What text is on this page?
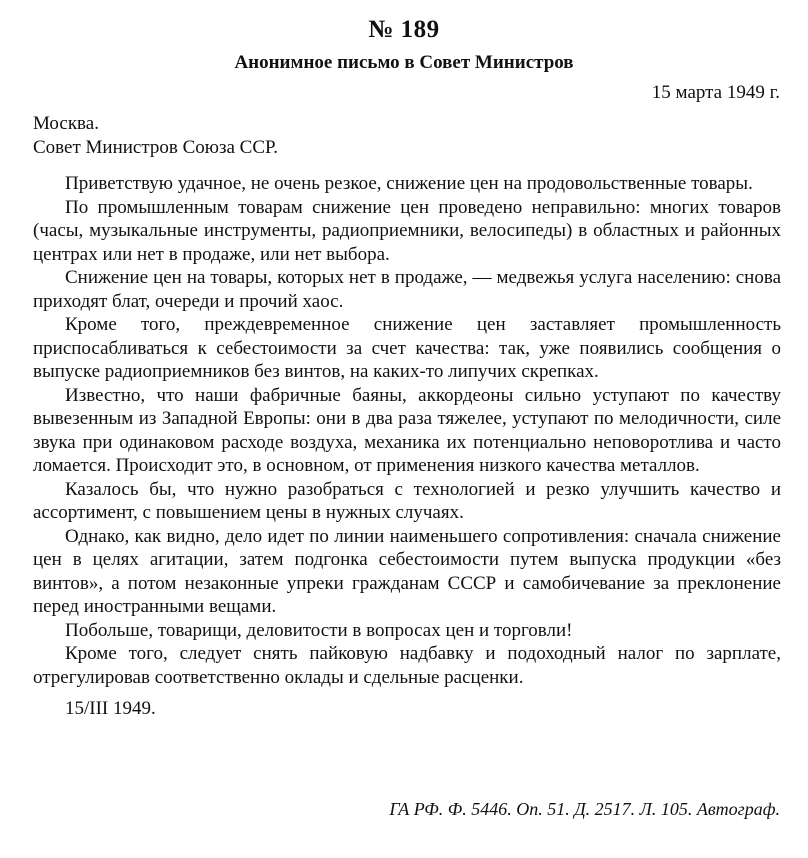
№ 189
Анонимное письмо в Совет Министров
15 марта 1949 г.
Москва.
Совет Министров Союза ССР.

Приветствую удачное, не очень резкое, снижение цен на продовольственные товары.

По промышленным товарам снижение цен проведено неправильно: многих товаров (часы, музыкальные инструменты, радиоприемники, велосипеды) в областных и районных центрах или нет в продаже, или нет выбора.

Снижение цен на товары, которых нет в продаже, — медвежья услуга населению: снова приходят блат, очереди и прочий хаос.

Кроме того, преждевременное снижение цен заставляет промышленность приспосабливаться к себестоимости за счет качества: так, уже появились сообщения о выпуске радиоприемников без винтов, на каких-то липучих скрепках.

Известно, что наши фабричные баяны, аккордеоны сильно уступают по качеству вывезенным из Западной Европы: они в два раза тяжелее, уступают по мелодичности, силе звука при одинаковом расходе воздуха, механика их потенциально неповоротлива и часто ломается. Происходит это, в основном, от применения низкого качества металлов.

Казалось бы, что нужно разобраться с технологией и резко улучшить качество и ассортимент, с повышением цены в нужных случаях.

Однако, как видно, дело идет по линии наименьшего сопротивления: сначала снижение цен в целях агитации, затем подгонка себестоимости путем выпуска продукции «без винтов», а потом незаконные упреки гражданам СССР и самобичевание за преклонение перед иностранными вещами.

Побольше, товарищи, деловитости в вопросах цен и торговли!

Кроме того, следует снять пайковую надбавку и подоходный налог по зарплате, отрегулировав соответственно оклады и сдельные расценки.

15/III 1949.

ГА РФ. Ф. 5446. Оп. 51. Д. 2517. Л. 105. Автограф.
